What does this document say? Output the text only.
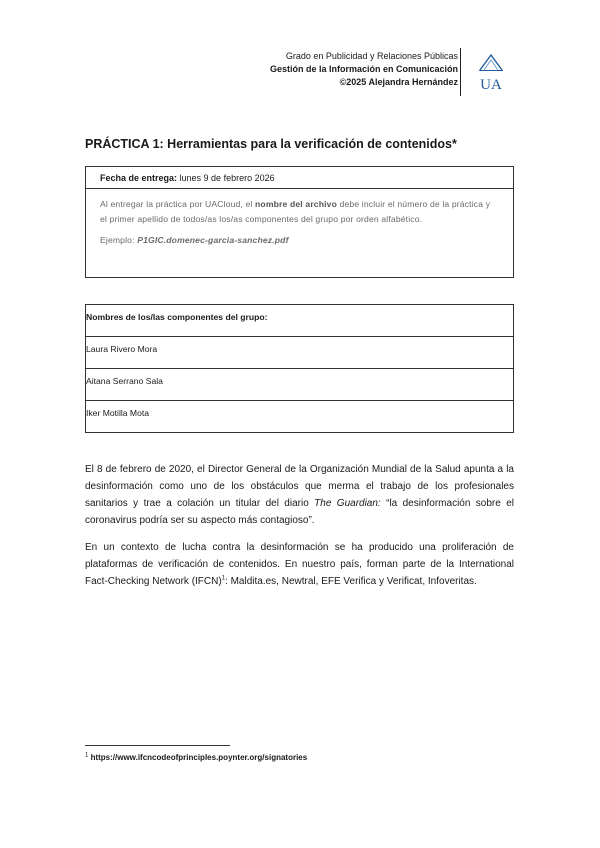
Grado en Publicidad y Relaciones Públicas
Gestión de la Información en Comunicación
©2025 Alejandra Hernández	UA
PRÁCTICA 1: Herramientas para la verificación de contenidos*
Fecha de entrega: lunes 9 de febrero 2026
Al entregar la práctica por UACloud, el nombre del archivo debe incluir el número de la práctica y el primer apellido de todos/as los/as componentes del grupo por orden alfabético.
Ejemplo: P1GIC.domenec-garcia-sanchez.pdf
Nombres de los/las componentes del grupo:
Laura Rivero Mora
Aitana Serrano Sala
Iker Motilla Mota
El 8 de febrero de 2020, el Director General de la Organización Mundial de la Salud apunta a la desinformación como uno de los obstáculos que merma el trabajo de los profesionales sanitarios y trae a colación un titular del diario The Guardian: “la desinformación sobre el coronavirus podría ser su aspecto más contagioso”.
En un contexto de lucha contra la desinformación se ha producido una proliferación de plataformas de verificación de contenidos. En nuestro país, forman parte de la International Fact-Checking Network (IFCN)$^1$: Maldita.es, Newtral, EFE Verifica y Verificat, Infoveritas.
$^1$ https://www.ifcncodeofprinciples.poynter.org/signatories
